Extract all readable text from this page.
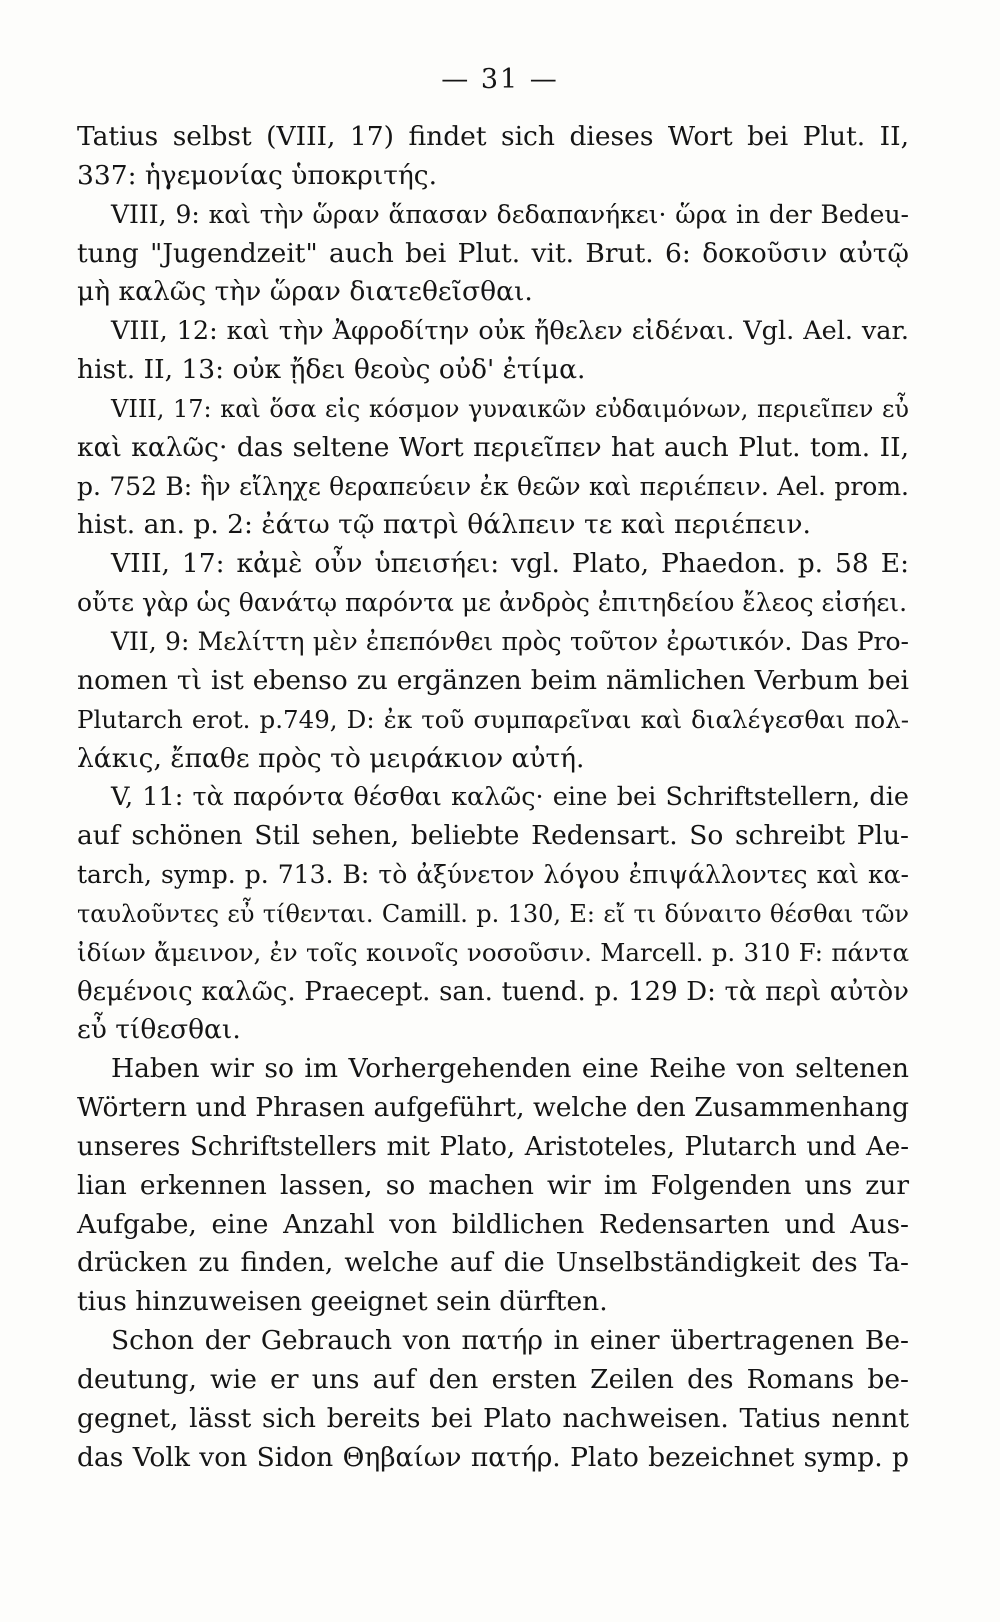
— 31 —
Tatius selbst (VIII, 17) findet sich dieses Wort bei Plut. II,
337: ἡγεμονίας ὑποκριτής.
VIII, 9: καὶ τὴν ὥραν ἅπασαν δεδαπανήκει· ὥρα in der Bedeu-
tung "Jugendzeit" auch bei Plut. vit. Brut. 6: δοκοῦσιν αὐτῷ
μὴ καλῶς τὴν ὥραν διατεθεῖσθαι.
VIII, 12: καὶ τὴν Ἀφροδίτην οὐκ ἤθελεν εἰδέναι. Vgl. Ael. var.
hist. II, 13: οὐκ ᾔδει θεοὺς οὐδ' ἐτίμα.
VIII, 17: καὶ ὅσα εἰς κόσμον γυναικῶν εὐδαιμόνων, περιεῖπεν εὖ
καὶ καλῶς· das seltene Wort περιεῖπεν hat auch Plut. tom. II,
p. 752 B: ἣν εἴληχε θεραπεύειν ἐκ θεῶν καὶ περιέπειν. Ael. prom.
hist. an. p. 2: ἐάτω τῷ πατρὶ θάλπειν τε καὶ περιέπειν.
VIII, 17: κἀμὲ οὖν ὑπεισήει: vgl. Plato, Phaedon. p. 58 E:
οὔτε γὰρ ὡς θανάτῳ παρόντα με ἀνδρὸς ἐπιτηδείου ἔλεος εἰσήει.
VII, 9: Μελίττη μὲν ἐπεπόνθει πρὸς τοῦτον ἐρωτικόν. Das Pro-
nomen τὶ ist ebenso zu ergänzen beim nämlichen Verbum bei
Plutarch erot. p.749, D: ἐκ τοῦ συμπαρεῖναι καὶ διαλέγεσθαι πολ-
λάκις, ἔπαθε πρὸς τὸ μειράκιον αὐτή.
V, 11: τὰ παρόντα θέσθαι καλῶς· eine bei Schriftstellern, die
auf schönen Stil sehen, beliebte Redensart. So schreibt Plu-
tarch, symp. p. 713. B: τὸ ἀξύνετον λόγου ἐπιψάλλοντες καὶ κα-
ταυλοῦντες εὖ τίθενται. Camill. p. 130, E: εἴ τι δύναιτο θέσθαι τῶν
ἰδίων ἄμεινον, ἐν τοῖς κοινοῖς νοσοῦσιν. Marcell. p. 310 F: πάντα
θεμένοις καλῶς. Praecept. san. tuend. p. 129 D: τὰ περὶ αὐτὸν
εὖ τίθεσθαι.
Haben wir so im Vorhergehenden eine Reihe von seltenen
Wörtern und Phrasen aufgeführt, welche den Zusammenhang
unseres Schriftstellers mit Plato, Aristoteles, Plutarch und Ae-
lian erkennen lassen, so machen wir im Folgenden uns zur
Aufgabe, eine Anzahl von bildlichen Redensarten und Aus-
drücken zu finden, welche auf die Unselbständigkeit des Ta-
tius hinzuweisen geeignet sein dürften.
Schon der Gebrauch von πατήρ in einer übertragenen Be-
deutung, wie er uns auf den ersten Zeilen des Romans be-
gegnet, lässt sich bereits bei Plato nachweisen. Tatius nennt
das Volk von Sidon Θηβαίων πατήρ. Plato bezeichnet symp. p
